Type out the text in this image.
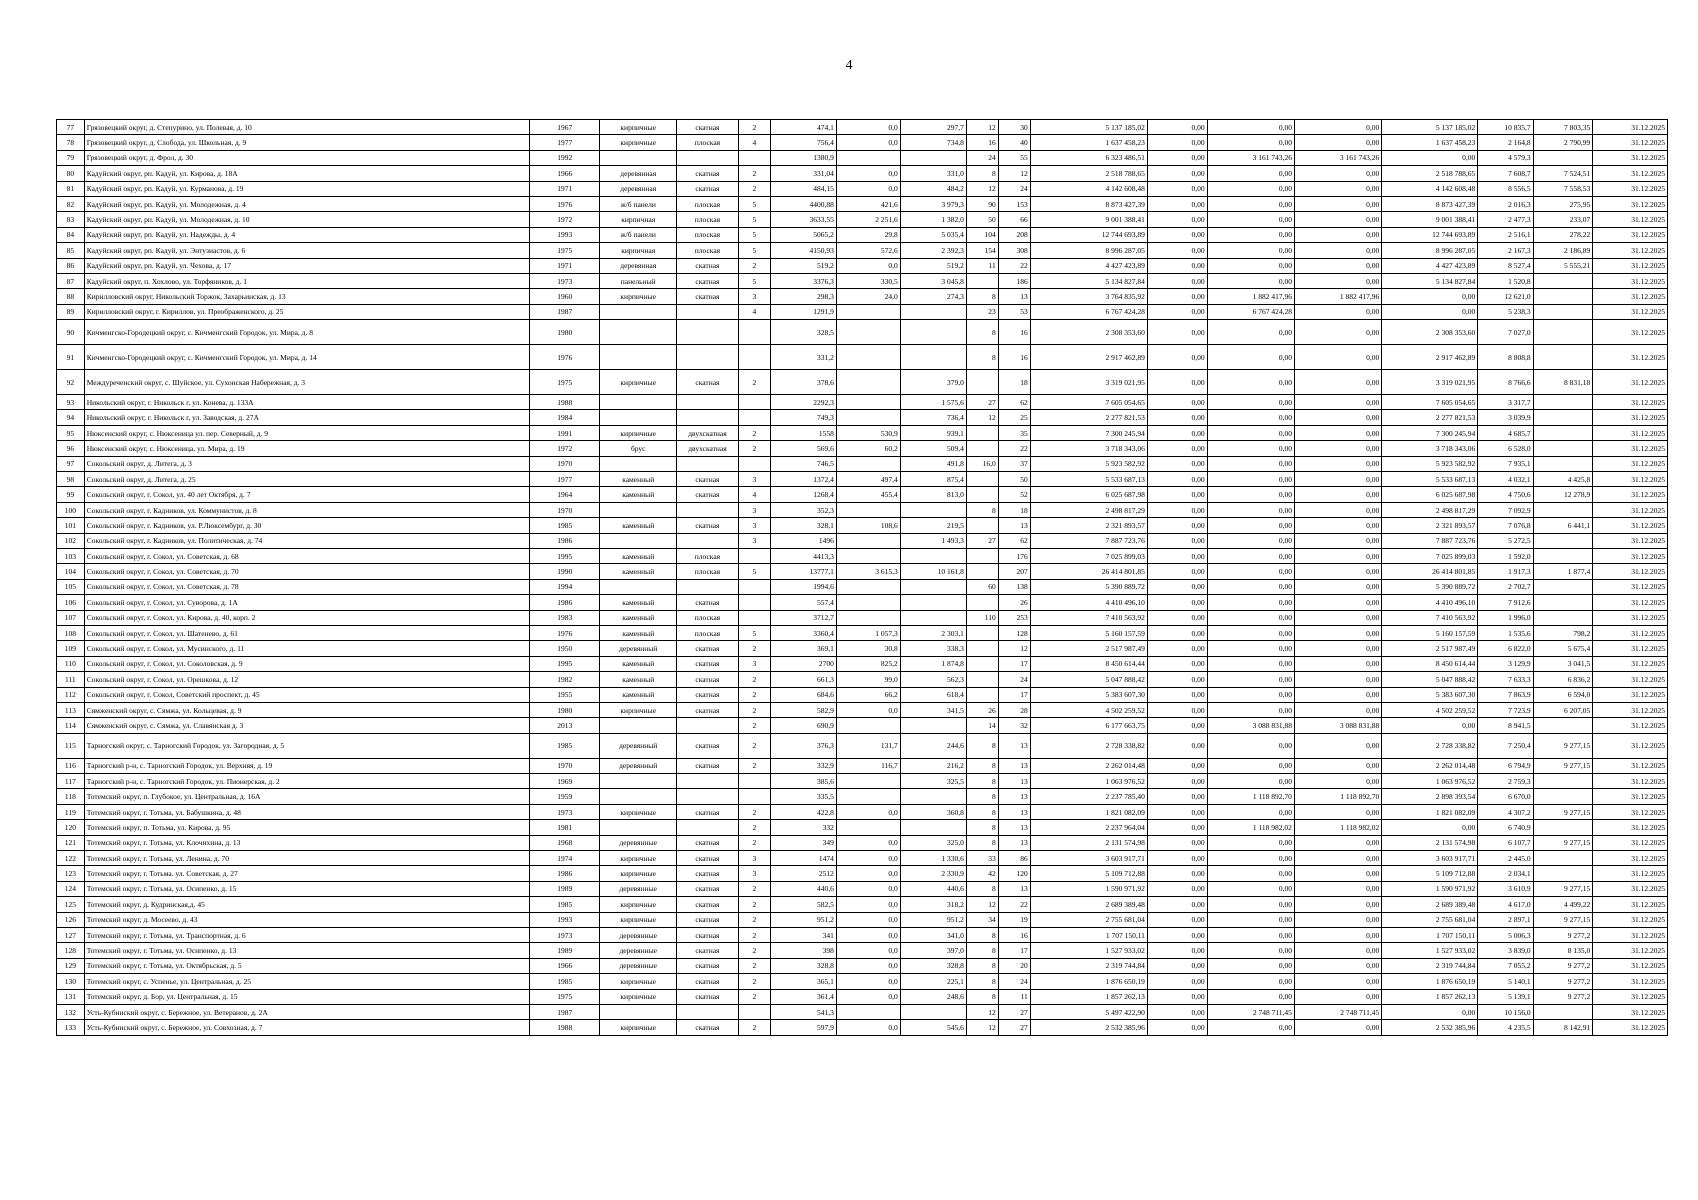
4
77	Грязовецкий округ, д. Степурино, ул. Полевая, д. 10	1967	кирпичные	скатная	2	474,1	0,0	297,7	12	30	5 137 185,02	0,00	0,00	0,00	5 137 185,02	10 835,7	7 803,35	31.12.2025
78	Грязовецкий округ, д. Слобода, ул. Школьная, д. 9	1977	кирпичные	плоская	4	756,4	0,0	734,8	16	40	1 637 458,23	0,00	0,00	0,00	1 637 458,23	2 164,8	2 790,99	31.12.2025
79	Грязовецкий округ, д. Фрол, д. 30	1992				1380,9			24	55	6 323 486,51	0,00	3 161 743,26	3 161 743,26	0,00	4 579,3		31.12.2025
80	Кадуйский округ, рп. Кадуй, ул. Кирова, д. 18А	1966	деревянная	скатная	2	331,04	0,0	331,0	8	12	2 518 788,65	0,00	0,00	0,00	2 518 788,65	7 608,7	7 524,51	31.12.2025
81	Кадуйский округ, рп. Кадуй, ул. Курманова, д. 19	1971	деревянная	скатная	2	484,15	0,0	484,2	12	24	4 142 608,48	0,00	0,00	0,00	4 142 608,48	8 556,5	7 558,53	31.12.2025
82	Кадуйский округ, рп. Кадуй, ул. Молодежная, д. 4	1976	ж/б панели	плоская	5	4400,88	421,6	3 979,3	90	153	8 873 427,39	0,00	0,00	0,00	8 873 427,39	2 016,3	275,95	31.12.2025
83	Кадуйский округ, рп. Кадуй, ул. Молодежная, д. 10	1972	кирпичная	плоская	5	3633,55	2 251,6	1 382,0	50	66	9 001 388,41	0,00	0,00	0,00	9 001 388,41	2 477,3	233,07	31.12.2025
84	Кадуйский округ, рп. Кадуй, ул. Надежды, д. 4	1993	ж/б панели	плоская	5	5065,2	29,8	5 035,4	104	208	12 744 693,89	0,00	0,00	0,00	12 744 693,89	2 516,1	278,22	31.12.2025
85	Кадуйский округ, рп. Кадуй, ул. Энтузиастов, д. 6	1975	кирпичная	плоская	5	4150,93	572,6	2 392,3	154	308	8 996 287,05	0,00	0,00	0,00	8 996 287,05	2 167,3	2 186,89	31.12.2025
86	Кадуйский округ, рп. Кадуй, ул. Чехова, д. 17	1971	деревянная	скатная	2	519,2	0,0	519,2	11	22	4 427 423,89	0,00	0,00	0,00	4 427 423,89	8 527,4	5 555,21	31.12.2025
87	Кадуйский округ, п. Хохлово, ул. Торфяников, д. 1	1973	панельный	скатная	5	3376,3	330,5	3 045,8		186	5 134 827,84	0,00	0,00	0,00	5 134 827,84	1 520,8		31.12.2025
88	Кирилловский округ, Никольский Торжок, Захарьинская, д. 13	1960	кирпичные	скатная	3	298,3	24,0	274,3	8	13	3 764 835,92	0,00	1 882 417,96	1 882 417,96	0,00	12 621,0		31.12.2025
89	Кирилловский округ, г. Кириллов, ул. Преображенского, д. 25	1987			4	1291,9			23	53	6 767 424,28	0,00	6 767 424,28	0,00	0,00	5 238,3		31.12.2025
90	Кичменгско-Городецкий округ, с. Кичменгский Городок, ул. Мира, д. 8	1980				328,5			8	16	2 308 353,60	0,00	0,00	0,00	2 308 353,60	7 027,0		31.12.2025
91	Кичменгско-Городецкий округ, с. Кичменгский Городок, ул. Мира, д. 14	1976				331,2			8	16	2 917 462,89	0,00	0,00	0,00	2 917 462,89	8 808,8		31.12.2025
92	Междуреченский округ, с. Шуйское, ул. Сухонская Набережная, д. 3	1975	кирпичные	скатная	2	378,6		379,0		18	3 319 021,95	0,00	0,00	0,00	3 319 021,95	8 766,6	8 831,18	31.12.2025
93	Никольский округ, г. Никольск г, ул. Конева, д. 133А	1988				2292,3		1 575,6	27	62	7 605 054,65	0,00	0,00	0,00	7 605 054,65	3 317,7		31.12.2025
94	Никольский округ, г. Никольск г, ул. Заводская, д. 27А	1984				749,3		736,4	12	25	2 277 821,53	0,00	0,00	0,00	2 277 821,53	3 039,9		31.12.2025
95	Нюксенский округ, с. Нюксеница ул. пер. Северный, д. 9	1991	кирпичные	двухскатная	2	1558	530,9	939,1		35	7 300 245,94	0,00	0,00	0,00	7 300 245,94	4 685,7		31.12.2025
96	Нюксенский округ, с. Нюксеница, ул. Мира, д. 19	1972	брус	двухскатная	2	569,6	60,2	509,4		22	3 718 343,06	0,00	0,00	0,00	3 718 343,06	6 528,0		31.12.2025
97	Сокольский округ, д. Литега, д. 3	1970				746,5		491,8	16,0	37	5 923 582,92	0,00	0,00	0,00	5 923 582,92	7 935,1		31.12.2025
98	Сокольский округ, д. Литега, д. 25	1977	каменный	скатная	3	1372,4	497,4	875,4		50	5 533 687,13	0,00	0,00	0,00	5 533 687,13	4 032,1	4 425,8	31.12.2025
99	Сокольский округ, г. Сокол, ул. 40 лет Октября, д. 7	1964	каменный	скатная	4	1268,4	455,4	813,0		52	6 025 687,98	0,00	0,00	0,00	6 025 687,98	4 750,6	12 278,9	31.12.2025
100	Сокольский округ, г. Кадников, ул. Коммунистов, д. 8	1970			3	352,3			8	18	2 498 817,29	0,00	0,00	0,00	2 498 817,29	7 092,9		31.12.2025
101	Сокольский округ, г. Кадников, ул. Р.Люксембург, д. 30	1985	каменный	скатная	3	328,1	108,6	219,5		13	2 321 893,57	0,00	0,00	0,00	2 321 893,57	7 076,8	6 441,1	31.12.2025
102	Сокольский округ, г. Кадников, ул. Политическая, д. 74	1986			3	1496		1 493,3	27	62	7 887 723,76	0,00	0,00	0,00	7 887 723,76	5 272,5		31.12.2025
103	Сокольский округ, г. Сокол, ул. Советская, д. 68	1995	каменный	плоская		4413,3				176	7 025 899,03	0,00	0,00	0,00	7 025 899,03	1 592,0		31.12.2025
104	Сокольский округ, г. Сокол, ул. Советская, д. 70	1990	каменный	плоская	5	13777,1	3 615,3	10 161,8		207	26 414 801,85	0,00	0,00	0,00	26 414 801,85	1 917,3	1 877,4	31.12.2025
105	Сокольский округ, г. Сокол, ул. Советская, д. 78	1994				1994,6			60	138	5 390 889,72	0,00	0,00	0,00	5 390 889,72	2 702,7		31.12.2025
106	Сокольский округ, г. Сокол, ул. Суворова, д. 1А	1986	каменный	скатная		557,4				26	4 410 496,10	0,00	0,00	0,00	4 410 496,10	7 912,6		31.12.2025
107	Сокольский округ, г. Сокол, ул. Кирова, д. 40, корп. 2	1983	каменный	плоская		3712,7			110	253	7 410 563,92	0,00	0,00	0,00	7 410 563,92	1 996,0		31.12.2025
108	Сокольский округ, г. Сокол, ул. Шатенево, д. 61	1976	каменный	плоская	5	3360,4	1 057,3	2 303,1		128	5 160 157,59	0,00	0,00	0,00	5 160 157,59	1 535,6	798,2	31.12.2025
109	Сокольский округ, г. Сокол, ул. Мусинского, д. 11	1950	деревянный	скатная	2	369,1	30,8	338,3		12	2 517 987,49	0,00	0,00	0,00	2 517 987,49	6 822,0	5 675,4	31.12.2025
110	Сокольский округ, г. Сокол, ул. Соколовская, д. 9	1995	каменный	скатная	3	2700	825,2	1 874,8		17	8 450 614,44	0,00	0,00	0,00	8 450 614,44	3 129,9	3 041,5	31.12.2025
111	Сокольский округ, г. Сокол, ул. Орешкова, д. 12	1982	каменный	скатная	2	661,3	99,0	562,3		24	5 047 888,42	0,00	0,00	0,00	5 047 888,42	7 633,3	6 836,2	31.12.2025
112	Сокольский округ, г. Сокол, Советский проспект, д. 45	1955	каменный	скатная	2	684,6	66,2	618,4		17	5 383 607,30	0,00	0,00	0,00	5 383 607,30	7 863,9	6 594,0	31.12.2025
113	Сямженский округ, с. Сямжа, ул. Кольцевая, д. 9	1980	кирпичные	скатная	2	582,9	0,0	341,5	26	28	4 502 259,52	0,00	0,00	0,00	4 502 259,52	7 723,9	6 207,05	31.12.2025
114	Сямженский округ, с. Сямжа, ул. Славянская д. 3	2013			2	690,9			14	32	6 177 663,75	0,00	3 088 831,88	3 088 831,88	0,00	8 941,5		31.12.2025
115	Тарногский округ, с. Тарногский Городок, ул. Загородная, д. 5	1985	деревянный	скатная	2	376,3	131,7	244,6	8	13	2 728 338,82	0,00	0,00	0,00	2 728 338,82	7 250,4	9 277,15	31.12.2025
116	Тарногский р-н, с. Тарногский Городок, ул. Верхняя, д. 19	1970	деревянный	скатная	2	332,9	116,7	216,2	8	13	2 262 014,48	0,00	0,00	0,00	2 262 014,48	6 794,9	9 277,15	31.12.2025
117	Тарногский р-н, с. Тарногский Городок, ул. Пионерская, д. 2	1969				385,6		325,5	8	13	1 063 976,52	0,00	0,00	0,00	1 063 976,52	2 759,3		31.12.2025
118	Тотемский округ, п. Глубокое, ул. Центральная, д. 16А	1959				335,5			8	13	2 237 785,40	0,00	1 118 892,70	1 118 892,70	2 898 393,54	6 670,0		31.12.2025
119	Тотемский округ, г. Тотьма, ул. Бабушкина, д. 48	1973	кирпичные	скатная	2	422,8	0,0	360,8	8	13	1 821 082,09	0,00	0,00	0,00	1 821 082,09	4 307,2	9 277,15	31.12.2025
120	Тотемский округ, п. Тотьма, ул. Кирова, д. 95	1981			2	332			8	13	2 237 964,04	0,00	1 118 982,02	1 118 982,02	0,00	6 740,9		31.12.2025
121	Тотемский округ, г. Тотьма, ул. Клочихина, д. 13	1968	деревянные	скатная	2	349	0,0	325,0	8	13	2 131 574,98	0,00	0,00	0,00	2 131 574,98	6 107,7	9 277,15	31.12.2025
122	Тотемский округ, г. Тотьма, ул. Ленина, д. 70	1974	кирпичные	скатная	3	1474	0,0	1 330,6	33	86	3 603 917,71	0,00	0,00	0,00	3 603 917,71	2 445,0		31.12.2025
123	Тотемский округ, г. Тотьма. ул. Советская, д. 27	1986	кирпичные	скатная	3	2512	0,0	2 330,9	42	120	5 109 712,88	0,00	0,00	0,00	5 109 712,88	2 034,1		31.12.2025
124	Тотемский округ, г. Тотьма, ул. Осипенко, д. 15	1989	деревянные	скатная	2	440,6	0,0	440,6	8	13	1 590 971,92	0,00	0,00	0,00	1 590 971,92	3 610,9	9 277,15	31.12.2025
125	Тотемский округ, д. Кудринская,д. 45	1985	кирпичные	скатная	2	582,5	0,0	318,2	12	22	2 689 389,48	0,00	0,00	0,00	2 689 389,48	4 617,0	4 499,22	31.12.2025
126	Тотемский округ, д. Мосеево, д. 43	1993	кирпичные	скатная	2	951,2	0,0	951,2	34	19	2 755 681,04	0,00	0,00	0,00	2 755 681,04	2 897,1	9 277,15	31.12.2025
127	Тотемский округ, г. Тотьма, ул. Транспортная, д. 6	1973	деревянные	скатная	2	341	0,0	341,0	8	16	1 707 150,11	0,00	0,00	0,00	1 707 150,11	5 006,3	9 277,2	31.12.2025
128	Тотемский округ, г. Тотьма, ул. Осипенко, д. 13	1989	деревянные	скатная	2	398	0,0	397,0	8	17	1 527 933,02	0,00	0,00	0,00	1 527 933,02	3 839,0	8 135,0	31.12.2025
129	Тотемский округ, г. Тотьма, ул. Октябрьская, д. 5	1966	деревянные	скатная	2	328,8	0,0	328,8	8	20	2 319 744,84	0,00	0,00	0,00	2 319 744,84	7 055,2	9 277,2	31.12.2025
130	Тотемский округ, с. Успенье, ул. Центральная, д. 25	1985	кирпичные	скатная	2	365,1	0,0	225,1	8	24	1 876 650,19	0,00	0,00	0,00	1 876 650,19	5 140,1	9 277,2	31.12.2025
131	Тотемский округ, д. Бор, ул. Центральная, д. 15	1975	кирпичные	скатная	2	361,4	0,0	248,6	8	11	1 857 262,13	0,00	0,00	0,00	1 857 262,13	5 139,1	9 277,2	31.12.2025
132	Усть-Кубинский округ, с. Бережное, ул. Ветеранов, д. 2А	1987				541,3			12	27	5 497 422,90	0,00	2 748 711,45	2 748 711,45	0,00	10 156,0		31.12.2025
133	Усть-Кубинский округ, с. Бережное, ул. Совхозная, д. 7	1988	кирпичные	скатная	2	597,9	0,0	545,6	12	27	2 532 385,96	0,00	0,00	0,00	2 532 385,96	4 235,5	8 142,91	31.12.2025
